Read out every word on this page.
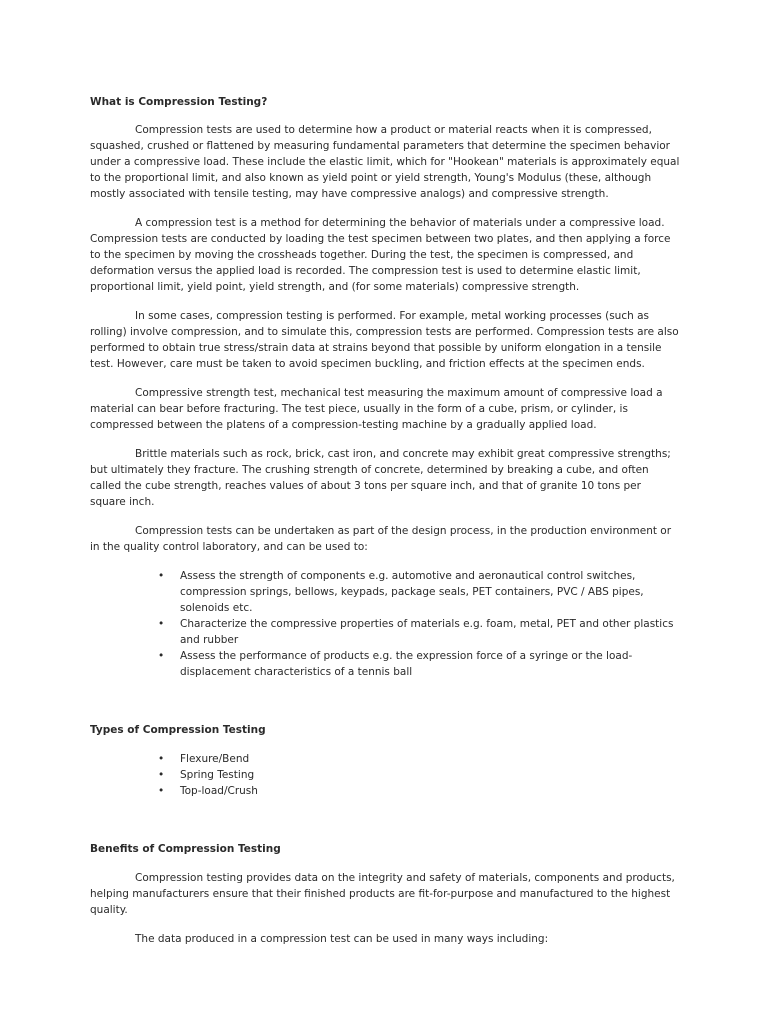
What is Compression Testing?

Compression tests are used to determine how a product or material reacts when it is compressed, squashed, crushed or flattened by measuring fundamental parameters that determine the specimen behavior under a compressive load. These include the elastic limit, which for "Hookean" materials is approximately equal to the proportional limit, and also known as yield point or yield strength, Young's Modulus (these, although mostly associated with tensile testing, may have compressive analogs) and compressive strength.

A compression test is a method for determining the behavior of materials under a compressive load. Compression tests are conducted by loading the test specimen between two plates, and then applying a force to the specimen by moving the crossheads together. During the test, the specimen is compressed, and deformation versus the applied load is recorded. The compression test is used to determine elastic limit, proportional limit, yield point, yield strength, and (for some materials) compressive strength.

In some cases, compression testing is performed. For example, metal working processes (such as rolling) involve compression, and to simulate this, compression tests are performed. Compression tests are also performed to obtain true stress/strain data at strains beyond that possible by uniform elongation in a tensile test. However, care must be taken to avoid specimen buckling, and friction effects at the specimen ends.

Compressive strength test, mechanical test measuring the maximum amount of compressive load a material can bear before fracturing. The test piece, usually in the form of a cube, prism, or cylinder, is compressed between the platens of a compression-testing machine by a gradually applied load.

Brittle materials such as rock, brick, cast iron, and concrete may exhibit great compressive strengths; but ultimately they fracture. The crushing strength of concrete, determined by breaking a cube, and often called the cube strength, reaches values of about 3 tons per square inch, and that of granite 10 tons per square inch.

Compression tests can be undertaken as part of the design process, in the production environment or in the quality control laboratory, and can be used to:

• Assess the strength of components e.g. automotive and aeronautical control switches, compression springs, bellows, keypads, package seals, PET containers, PVC / ABS pipes, solenoids etc.
• Characterize the compressive properties of materials e.g. foam, metal, PET and other plastics and rubber
• Assess the performance of products e.g. the expression force of a syringe or the load-displacement characteristics of a tennis ball
Types of Compression Testing
• Flexure/Bend
• Spring Testing
• Top-load/Crush
Benefits of Compression Testing

Compression testing provides data on the integrity and safety of materials, components and products, helping manufacturers ensure that their finished products are fit-for-purpose and manufactured to the highest quality.

The data produced in a compression test can be used in many ways including:
